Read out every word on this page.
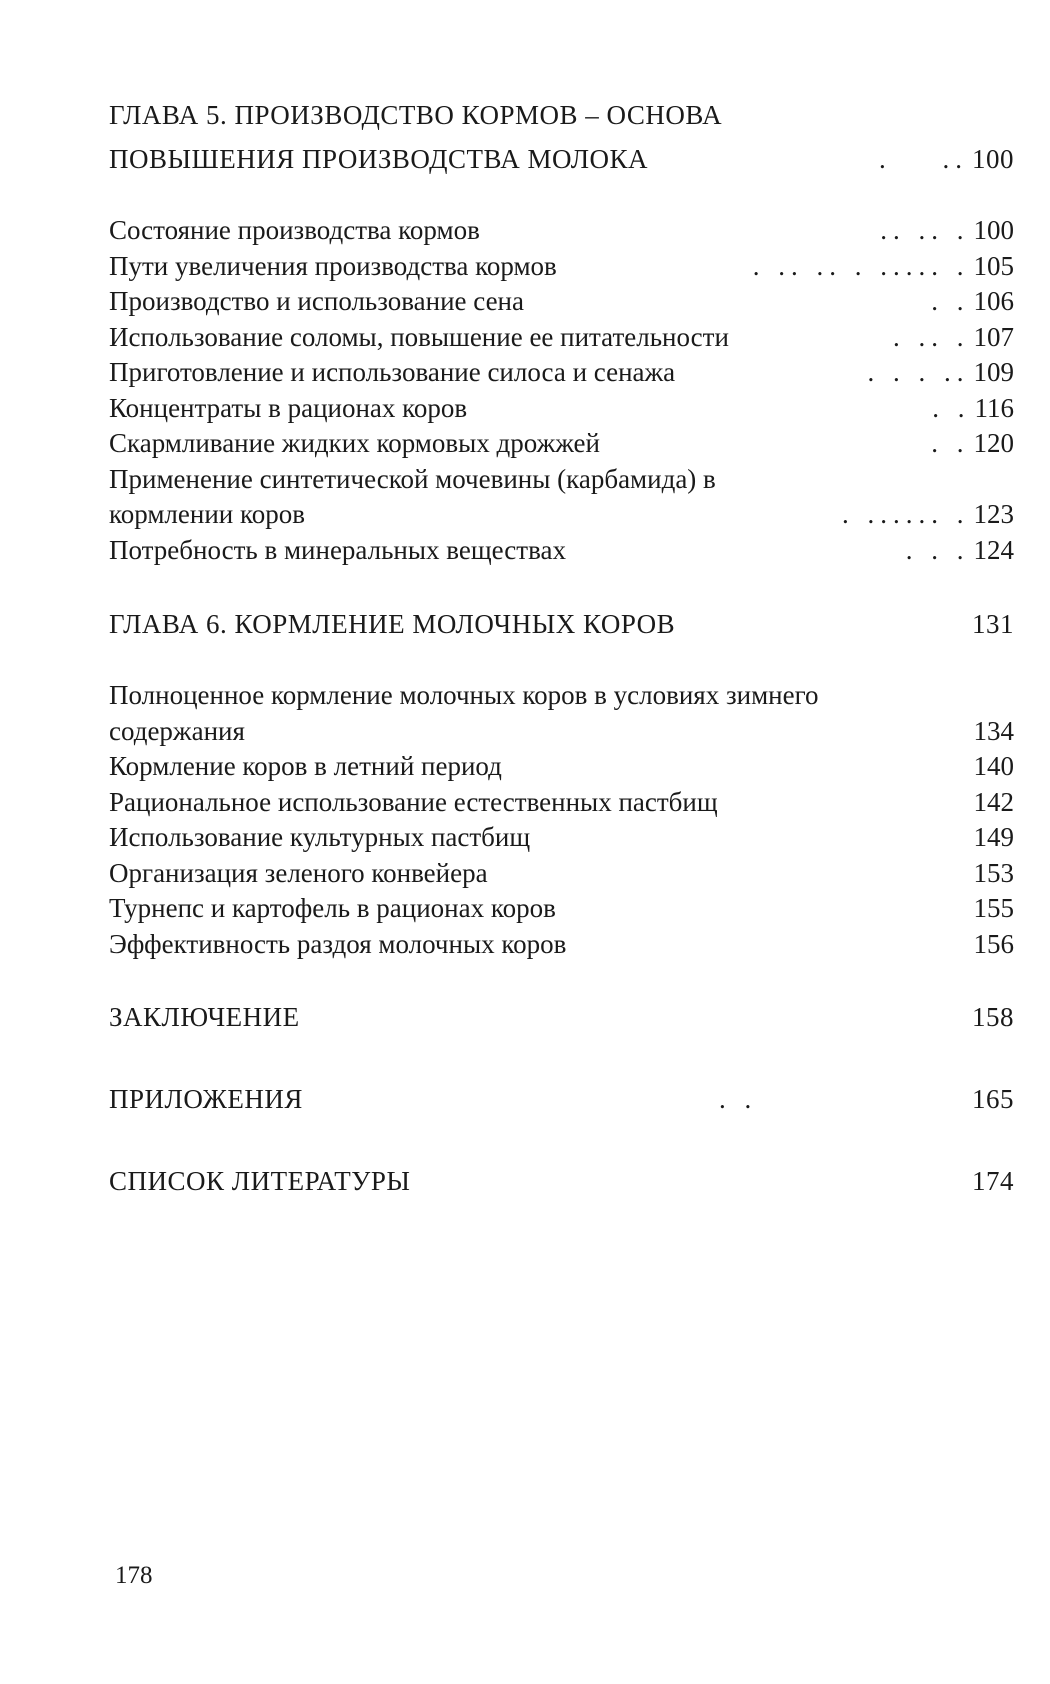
ГЛАВА 5. ПРОИЗВОДСТВО КОРМОВ – ОСНОВА
ПОВЫШЕНИЯ ПРОИЗВОДСТВА МОЛОКА	. .. 100
Состояние производства кормов	.. .. . 100
Пути увеличения производства кормов	. .. .. . ..... . 105
Производство и использование сена	. . 106
Использование соломы, повышение ее питательности	. .. . 107
Приготовление и использование силоса и сенажа	. . . .. 109
Концентраты в рационах коров	. . 116
Скармливание жидких кормовых дрожжей	. . 120
Применение синтетической мочевины (карбамида) в
кормлении коров	. ...... . 123
Потребность в минеральных веществах	. . . 124
ГЛАВА 6. КОРМЛЕНИЕ МОЛОЧНЫХ КОРОВ	131
Полноценное кормление молочных коров в условиях зимнего
содержания	134
Кормление коров в летний период	140
Рациональное использование естественных пастбищ	142
Использование культурных пастбищ	149
Организация зеленого конвейера	153
Турнепс и картофель в рационах коров	155
Эффективность раздоя молочных коров	156
ЗАКЛЮЧЕНИЕ	158
ПРИЛОЖЕНИЯ	. .	165
СПИСОК ЛИТЕРАТУРЫ	174
178
